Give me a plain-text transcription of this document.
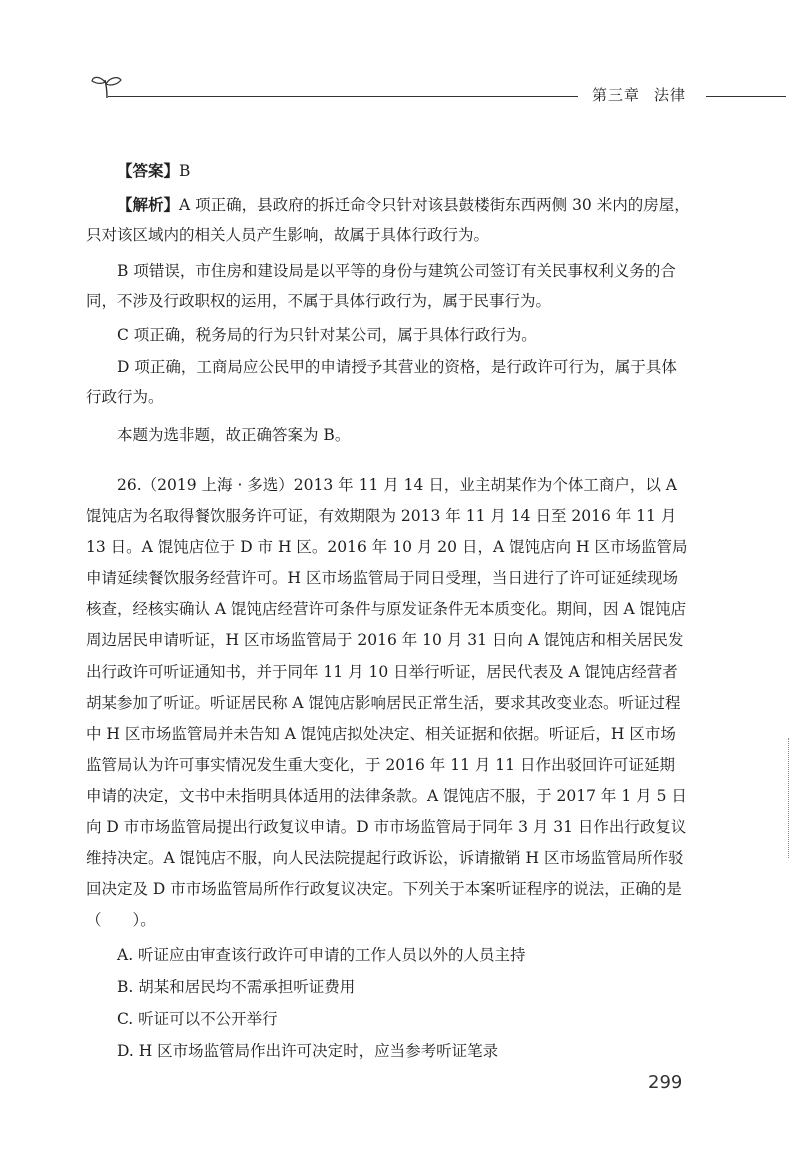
第三章 法律

【答案】B

【解析】A 项正确，县政府的拆迁命令只针对该县鼓楼街东西两侧 30 米内的房屋，只对该区域内的相关人员产生影响，故属于具体行政行为。

B 项错误，市住房和建设局是以平等的身份与建筑公司签订有关民事权利义务的合同，不涉及行政职权的运用，不属于具体行政行为，属于民事行为。

C 项正确，税务局的行为只针对某公司，属于具体行政行为。

D 项正确，工商局应公民甲的申请授予其营业的资格，是行政许可行为，属于具体行政行为。

本题为选非题，故正确答案为 B。

26.（2019 上海 · 多选）2013 年 11 月 14 日，业主胡某作为个体工商户，以 A 馄饨店为名取得餐饮服务许可证，有效期限为 2013 年 11 月 14 日至 2016 年 11 月 13 日。A 馄饨店位于 D 市 H 区。2016 年 10 月 20 日，A 馄饨店向 H 区市场监管局申请延续餐饮服务经营许可。H 区市场监管局于同日受理，当日进行了许可证延续现场核查，经核实确认 A 馄饨店经营许可条件与原发证条件无本质变化。期间，因 A 馄饨店周边居民申请听证，H 区市场监管局于 2016 年 10 月 31 日向 A 馄饨店和相关居民发出行政许可听证通知书，并于同年 11 月 10 日举行听证，居民代表及 A 馄饨店经营者胡某参加了听证。听证居民称 A 馄饨店影响居民正常生活，要求其改变业态。听证过程中 H 区市场监管局并未告知 A 馄饨店拟处决定、相关证据和依据。听证后，H 区市场监管局认为许可事实情况发生重大变化，于 2016 年 11 月 11 日作出驳回许可证延期申请的决定，文书中未指明具体适用的法律条款。A 馄饨店不服，于 2017 年 1 月 5 日向 D 市市场监管局提出行政复议申请。D 市市场监管局于同年 3 月 31 日作出行政复议维持决定。A 馄饨店不服，向人民法院提起行政诉讼，诉请撤销 H 区市场监管局所作驳回决定及 D 市市场监管局所作行政复议决定。下列关于本案听证程序的说法，正确的是（　　）。

A. 听证应由审查该行政许可申请的工作人员以外的人员主持

B. 胡某和居民均不需承担听证费用

C. 听证可以不公开举行

D. H 区市场监管局作出许可决定时，应当参考听证笔录

299
